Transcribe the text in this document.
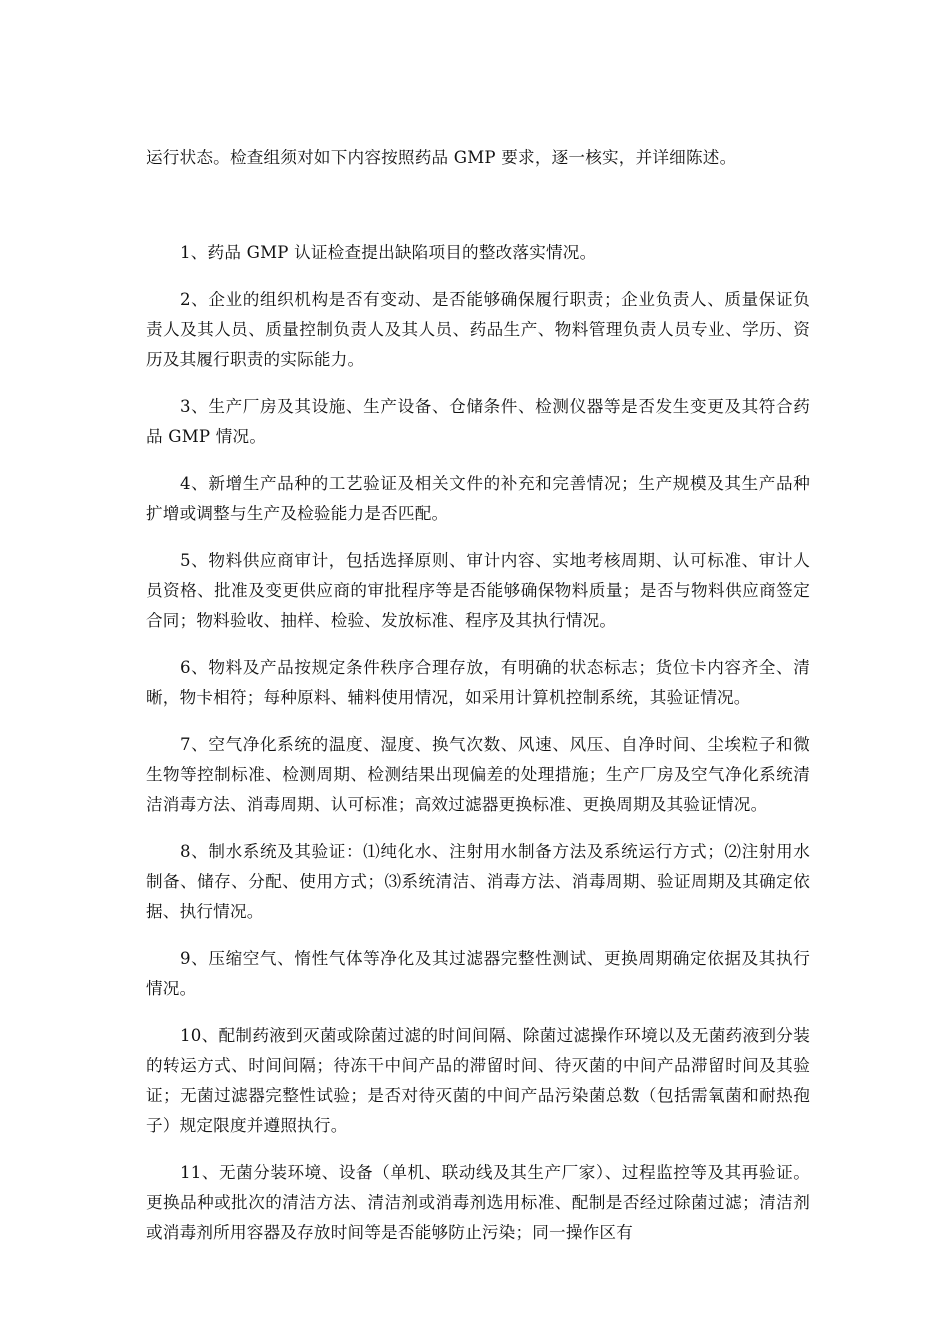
运行状态。检查组须对如下内容按照药品 GMP 要求，逐一核实，并详细陈述。

1、药品 GMP 认证检查提出缺陷项目的整改落实情况。

2、企业的组织机构是否有变动、是否能够确保履行职责；企业负责人、质量保证负责人及其人员、质量控制负责人及其人员、药品生产、物料管理负责人员专业、学历、资历及其履行职责的实际能力。

3、生产厂房及其设施、生产设备、仓储条件、检测仪器等是否发生变更及其符合药品 GMP 情况。

4、新增生产品种的工艺验证及相关文件的补充和完善情况；生产规模及其生产品种扩增或调整与生产及检验能力是否匹配。

5、物料供应商审计，包括选择原则、审计内容、实地考核周期、认可标准、审计人员资格、批准及变更供应商的审批程序等是否能够确保物料质量；是否与物料供应商签定合同；物料验收、抽样、检验、发放标准、程序及其执行情况。

6、物料及产品按规定条件秩序合理存放，有明确的状态标志；货位卡内容齐全、清晰，物卡相符；每种原料、辅料使用情况，如采用计算机控制系统，其验证情况。

7、空气净化系统的温度、湿度、换气次数、风速、风压、自净时间、尘埃粒子和微生物等控制标准、检测周期、检测结果出现偏差的处理措施；生产厂房及空气净化系统清洁消毒方法、消毒周期、认可标准；高效过滤器更换标准、更换周期及其验证情况。

8、制水系统及其验证：⑴纯化水、注射用水制备方法及系统运行方式；⑵注射用水制备、储存、分配、使用方式；⑶系统清洁、消毒方法、消毒周期、验证周期及其确定依据、执行情况。

9、压缩空气、惰性气体等净化及其过滤器完整性测试、更换周期确定依据及其执行情况。

10、配制药液到灭菌或除菌过滤的时间间隔、除菌过滤操作环境以及无菌药液到分装的转运方式、时间间隔；待冻干中间产品的滞留时间、待灭菌的中间产品滞留时间及其验证；无菌过滤器完整性试验；是否对待灭菌的中间产品污染菌总数（包括需氧菌和耐热孢子）规定限度并遵照执行。

11、无菌分装环境、设备（单机、联动线及其生产厂家）、过程监控等及其再验证。更换品种或批次的清洁方法、清洁剂或消毒剂选用标准、配制是否经过除菌过滤；清洁剂或消毒剂所用容器及存放时间等是否能够防止污染；同一操作区有
